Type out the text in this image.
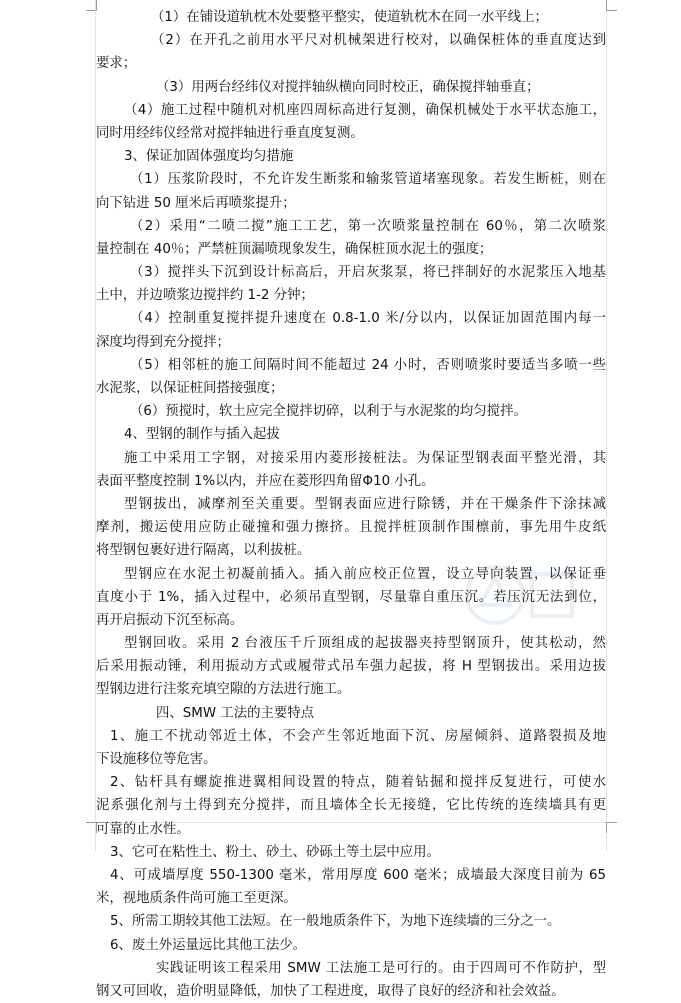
（1）在铺设道轨枕木处要整平整实，使道轨枕木在同一水平线上；
（2）在开孔之前用水平尺对机械架进行校对，以确保桩体的垂直度达到
要求；
（3）用两台经纬仪对搅拌轴纵横向同时校正，确保搅拌轴垂直；
（4）施工过程中随机对机座四周标高进行复测，确保机械处于水平状态施工，
同时用经纬仪经常对搅拌轴进行垂直度复测。
3、保证加固体强度均匀措施
（1）压浆阶段时，不允许发生断浆和输浆管道堵塞现象。若发生断桩，则在
向下钻进 50 厘米后再喷浆提升；
（2）采用“二喷二搅”施工工艺，第一次喷浆量控制在 60％，第二次喷浆
量控制在 40％；严禁桩顶漏喷现象发生，确保桩顶水泥土的强度；
（3）搅拌头下沉到设计标高后，开启灰浆泵，将已拌制好的水泥浆压入地基
土中，并边喷浆边搅拌约 1-2 分钟；
（4）控制重复搅拌提升速度在 0.8-1.0 米/分以内，以保证加固范围内每一
深度均得到充分搅拌；
（5）相邻桩的施工间隔时间不能超过 24 小时，否则喷浆时要适当多喷一些
水泥浆，以保证桩间搭接强度；
（6）预搅时，软土应完全搅拌切碎，以利于与水泥浆的均匀搅拌。
4、型钢的制作与插入起拔
施工中采用工字钢，对接采用内菱形接桩法。为保证型钢表面平整光滑，其
表面平整度控制 1%以内，并应在菱形四角留Φ10 小孔。
型钢拔出，减摩剂至关重要。型钢表面应进行除锈，并在干燥条件下涂抹减
摩剂，搬运使用应防止碰撞和强力擦挤。且搅拌桩顶制作围檩前，事先用牛皮纸
将型钢包裹好进行隔离，以利拔桩。
型钢应在水泥土初凝前插入。插入前应校正位置，设立导向装置，以保证垂
直度小于 1%，插入过程中，必须吊直型钢，尽量靠自重压沉。若压沉无法到位，
再开启振动下沉至标高。
型钢回收。采用 2 台液压千斤顶组成的起拔器夹持型钢顶升，使其松动，然
后采用振动锤，利用振动方式或履带式吊车强力起拔，将 H 型钢拔出。采用边拔
型钢边进行注浆充填空隙的方法进行施工。
四、SMW 工法的主要特点
1、施工不扰动邻近土体，不会产生邻近地面下沉、房屋倾斜、道路裂损及地
下设施移位等危害。
2、钻杆具有螺旋推进翼相间设置的特点，随着钻掘和搅拌反复进行，可使水
泥系强化剂与土得到充分搅拌，而且墙体全长无接缝，它比传统的连续墙具有更
可靠的止水性。
3、它可在粘性土、粉土、砂土、砂砾土等土层中应用。
4、可成墙厚度 550-1300 毫米，常用厚度 600 毫米；成墙最大深度目前为 65
米，视地质条件尚可施工至更深。
5、所需工期较其他工法短。在一般地质条件下，为地下连续墙的三分之一。
6、废土外运量远比其他工法少。
实践证明该工程采用 SMW 工法施工是可行的。由于四周可不作防护，型
钢又可回收，造价明显降低，加快了工程进度，取得了良好的经济和社会效益。
